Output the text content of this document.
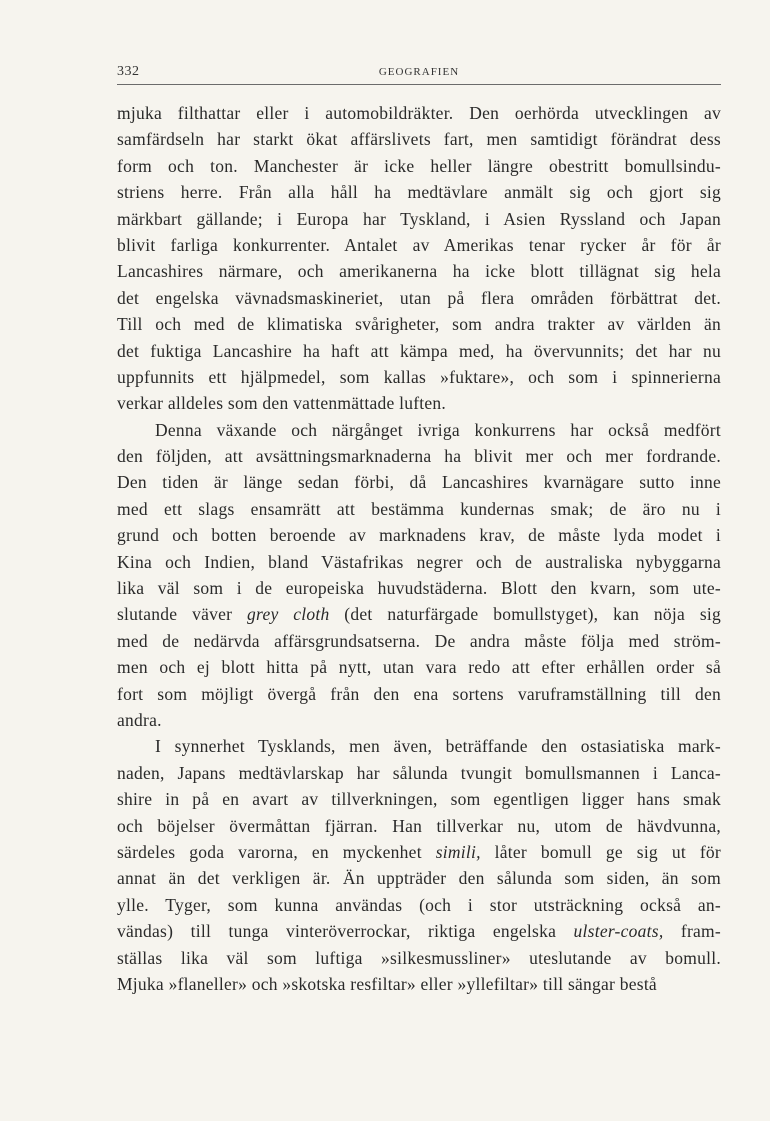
332	GEOGRAFIEN
mjuka filthattar eller i automobildräkter. Den oerhörda utvecklingen av
samfärdseln har starkt ökat affärslivets fart, men samtidigt förändrat dess
form och ton. Manchester är icke heller längre obestritt bomullsindu-
striens herre. Från alla håll ha medtävlare anmält sig och gjort sig
märkbart gällande; i Europa har Tyskland, i Asien Ryssland och Japan
blivit farliga konkurrenter. Antalet av Amerikas tenar rycker år för år
Lancashires närmare, och amerikanerna ha icke blott tillägnat sig hela
det engelska vävnadsmaskineriet, utan på flera områden förbättrat det.
Till och med de klimatiska svårigheter, som andra trakter av världen än
det fuktiga Lancashire ha haft att kämpa med, ha övervunnits; det har nu
uppfunnits ett hjälpmedel, som kallas »fuktare», och som i spinnerierna
verkar alldeles som den vattenmättade luften.
Denna växande och närgånget ivriga konkurrens har också medfört
den följden, att avsättningsmarknaderna ha blivit mer och mer fordrande.
Den tiden är länge sedan förbi, då Lancashires kvarnägare sutto inne
med ett slags ensamrätt att bestämma kundernas smak; de äro nu i
grund och botten beroende av marknadens krav, de måste lyda modet i
Kina och Indien, bland Västafrikas negrer och de australiska nybyggarna
lika väl som i de europeiska huvudstäderna. Blott den kvarn, som ute-
slutande väver grey cloth (det naturfärgade bomullstyget), kan nöja sig
med de nedärvda affärsgrundsatserna. De andra måste följa med ström-
men och ej blott hitta på nytt, utan vara redo att efter erhållen order så
fort som möjligt övergå från den ena sortens varuframställning till den
andra.
I synnerhet Tysklands, men även, beträffande den ostasiatiska mark-
naden, Japans medtävlarskap har sålunda tvungit bomullsmannen i Lanca-
shire in på en avart av tillverkningen, som egentligen ligger hans smak
och böjelser övermåttan fjärran. Han tillverkar nu, utom de hävdvunna,
särdeles goda varorna, en myckenhet simili, låter bomull ge sig ut för
annat än det verkligen är. Än uppträder den sålunda som siden, än som
ylle. Tyger, som kunna användas (och i stor utsträckning också an-
vändas) till tunga vinteröverrockar, riktiga engelska ulster-coats, fram-
ställas lika väl som luftiga »silkesmussliner» uteslutande av bomull.
Mjuka »flaneller» och »skotska resfiltar» eller »yllefiltar» till sängar bestå
